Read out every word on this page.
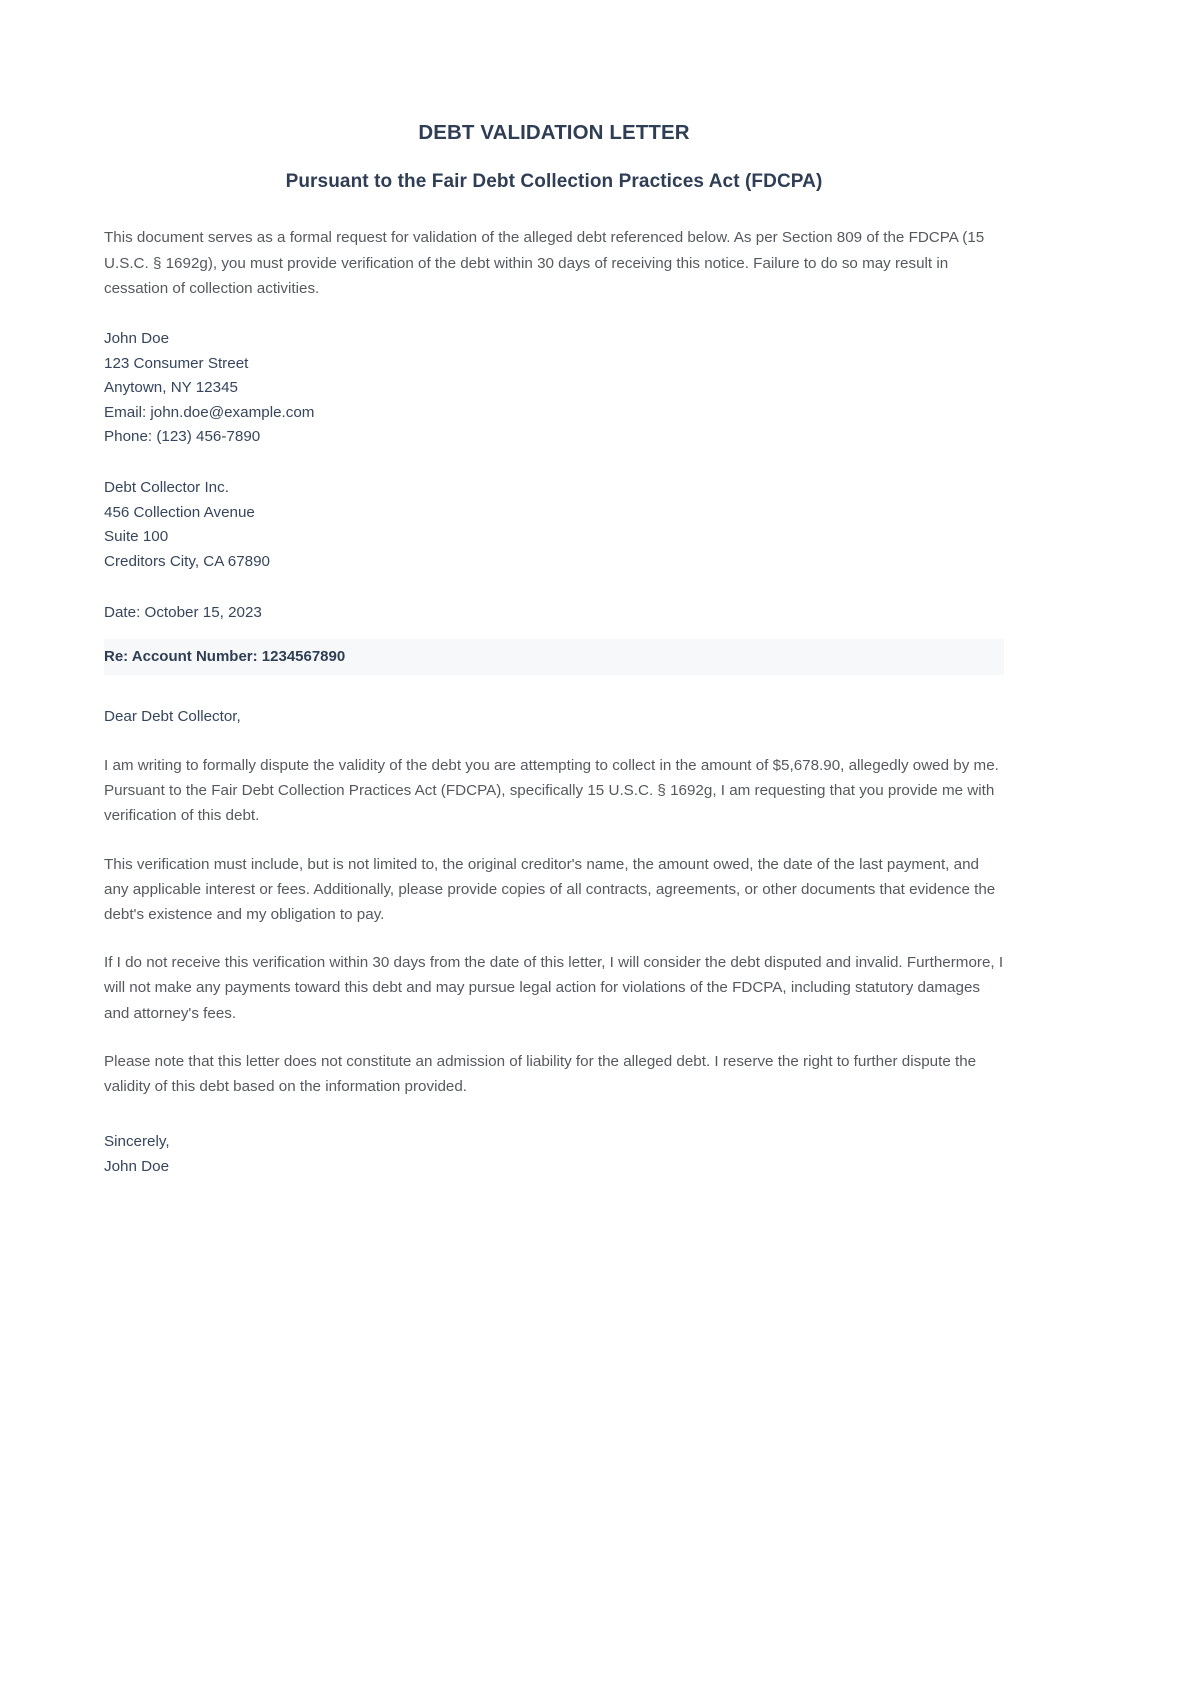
DEBT VALIDATION LETTER
Pursuant to the Fair Debt Collection Practices Act (FDCPA)

This document serves as a formal request for validation of the alleged debt referenced below. As per Section 809 of the FDCPA (15 U.S.C. § 1692g), you must provide verification of the debt within 30 days of receiving this notice. Failure to do so may result in cessation of collection activities.

John Doe
123 Consumer Street
Anytown, NY 12345
Email: john.doe@example.com
Phone: (123) 456-7890
Debt Collector Inc.
456 Collection Avenue
Suite 100
Creditors City, CA 67890
Date: October 15, 2023
Re: Account Number: 1234567890
Dear Debt Collector,

I am writing to formally dispute the validity of the debt you are attempting to collect in the amount of $5,678.90, allegedly owed by me. Pursuant to the Fair Debt Collection Practices Act (FDCPA), specifically 15 U.S.C. § 1692g, I am requesting that you provide me with verification of this debt.

This verification must include, but is not limited to, the original creditor's name, the amount owed, the date of the last payment, and any applicable interest or fees. Additionally, please provide copies of all contracts, agreements, or other documents that evidence the debt's existence and my obligation to pay.

If I do not receive this verification within 30 days from the date of this letter, I will consider the debt disputed and invalid. Furthermore, I will not make any payments toward this debt and may pursue legal action for violations of the FDCPA, including statutory damages and attorney's fees.

Please note that this letter does not constitute an admission of liability for the alleged debt. I reserve the right to further dispute the validity of this debt based on the information provided.

Sincerely,
John Doe
